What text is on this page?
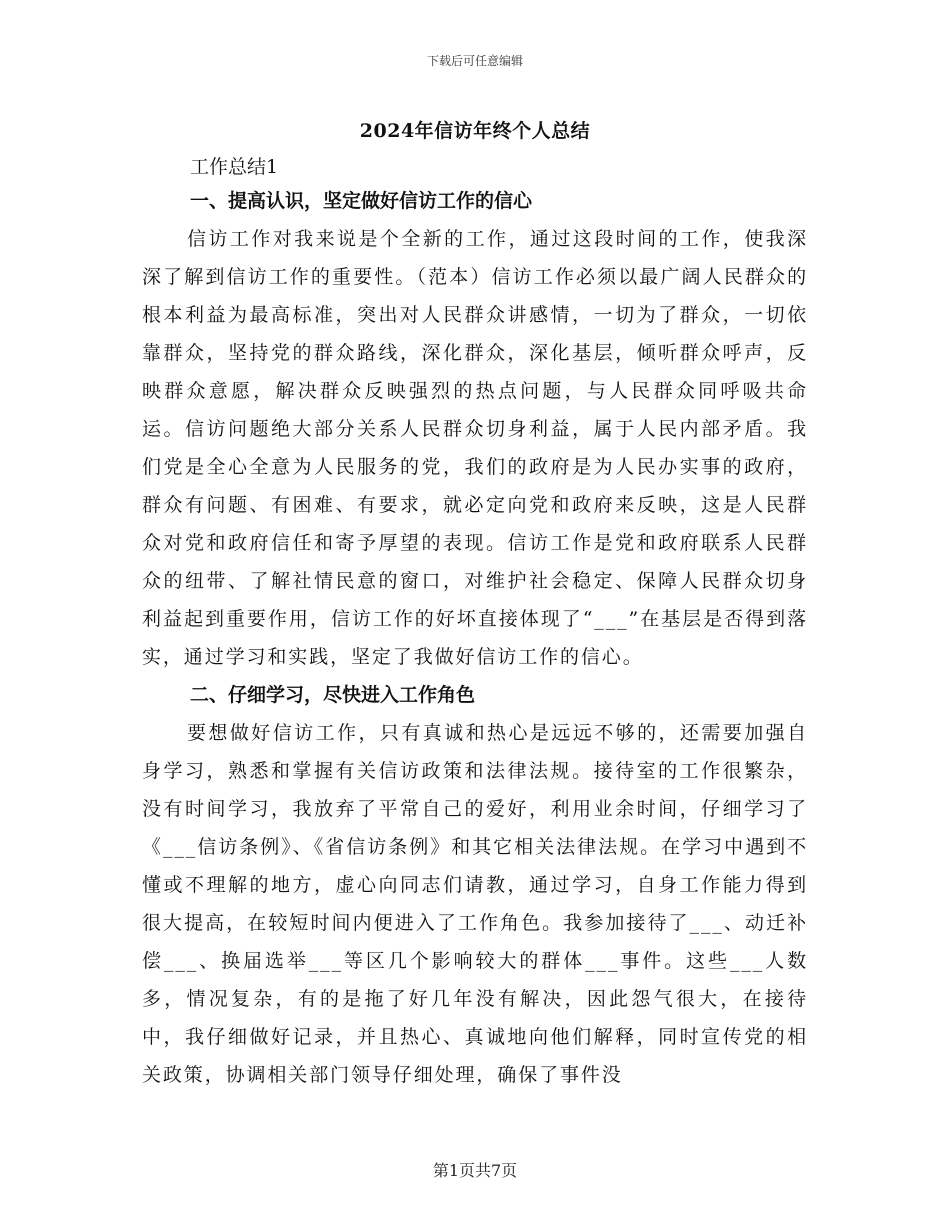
下载后可任意编辑
2024年信访年终个人总结
工作总结1

一、提高认识，坚定做好信访工作的信心

信访工作对我来说是个全新的工作，通过这段时间的工作，使我深深了解到信访工作的重要性。（范本）信访工作必须以最广阔人民群众的根本利益为最高标准，突出对人民群众讲感情，一切为了群众，一切依靠群众，坚持党的群众路线，深化群众，深化基层，倾听群众呼声，反映群众意愿，解决群众反映强烈的热点问题，与人民群众同呼吸共命运。信访问题绝大部分关系人民群众切身利益，属于人民内部矛盾。我们党是全心全意为人民服务的党，我们的政府是为人民办实事的政府，群众有问题、有困难、有要求，就必定向党和政府来反映，这是人民群众对党和政府信任和寄予厚望的表现。信访工作是党和政府联系人民群众的纽带、了解社情民意的窗口，对维护社会稳定、保障人民群众切身利益起到重要作用，信访工作的好坏直接体现了“___”在基层是否得到落实，通过学习和实践，坚定了我做好信访工作的信心。

二、仔细学习，尽快进入工作角色

要想做好信访工作，只有真诚和热心是远远不够的，还需要加强自身学习，熟悉和掌握有关信访政策和法律法规。接待室的工作很繁杂，没有时间学习，我放弃了平常自己的爱好，利用业余时间，仔细学习了《___信访条例》、《省信访条例》和其它相关法律法规。在学习中遇到不懂或不理解的地方，虚心向同志们请教，通过学习，自身工作能力得到很大提高，在较短时间内便进入了工作角色。我参加接待了___、动迁补偿___、换届选举___等区几个影响较大的群体___事件。这些___人数多，情况复杂，有的是拖了好几年没有解决，因此怨气很大，在接待中，我仔细做好记录，并且热心、真诚地向他们解释，同时宣传党的相关政策，协调相关部门领导仔细处理，确保了事件没

第1页共7页
